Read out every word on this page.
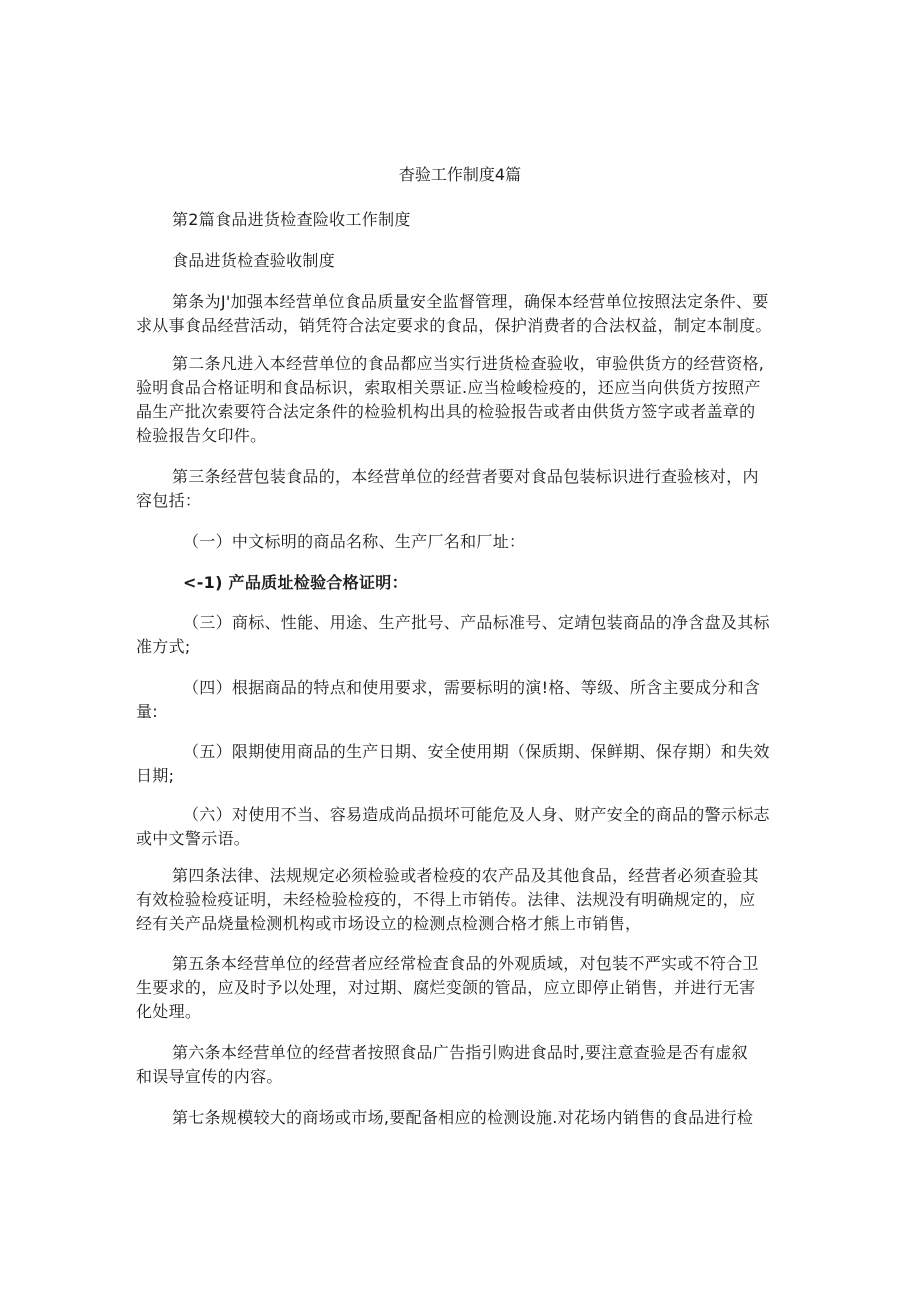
杳验工作制度4篇
第2篇食品进货检查险收工作制度
食品进货检查验收制度
第条为J'加强本经营单位食品质量安全监督管理，确保本经营单位按照法定条件、要
求从事食品经营活动，销凭符合法定要求的食品，保护消费者的合法权益，制定本制度。
第二条凡进入本经营单位的食品都应当实行进货检查验收，审验供货方的经营资格,
验明食品合格证明和食品标识，索取相关票证.应当检峻检疫的，还应当向供货方按照产
晶生产批次索要符合法定条件的检验机构出具的检验报告或者由供货方签字或者盖章的
检验报告攵印件。
第三条经营包装食品的，本经营单位的经营者要对食品包装标识进行查验核对，内
容包括：
（一）中文标明的商品名称、生产厂名和厂址：
<-1) 产品质址检验合格证明：
（三）商标、性能、用途、生产批号、产品标准号、定靖包装商品的净含盘及其标
准方式;
（四）根据商品的特点和使用要求，需要标明的演!格、等级、所含主要成分和含
量:
（五）限期使用商品的生产日期、安全使用期（保质期、保鲜期、保存期）和失效
日期;
（六）对使用不当、容易造成尚品损坏可能危及人身、财产安全的商品的警示标志
或中文警示语。
第四条法律、法规规定必须检验或者检疫的农产品及其他食品，经营者必须查验其
有效检验检疫证明，未经检验检疫的，不得上市销传。法律、法规没有明确规定的，应
经有关产品烧量检测机构或市场设立的检测点检测合格才熊上市销售，
第五条本经营单位的经营者应经常检査食品的外观质域，对包装不严实或不符合卫
生要求的，应及时予以处理，对过期、腐烂变颌的管品，应立即停止销售，并进行无害
化处理。
第六条本经营单位的经营者按照食品广告指引购进食品时,要注意查验是否有虚叙
和误导宣传的内容。
第七条规模较大的商场或市场,要配备相应的检测设施.对花场内销售的食品进行检
